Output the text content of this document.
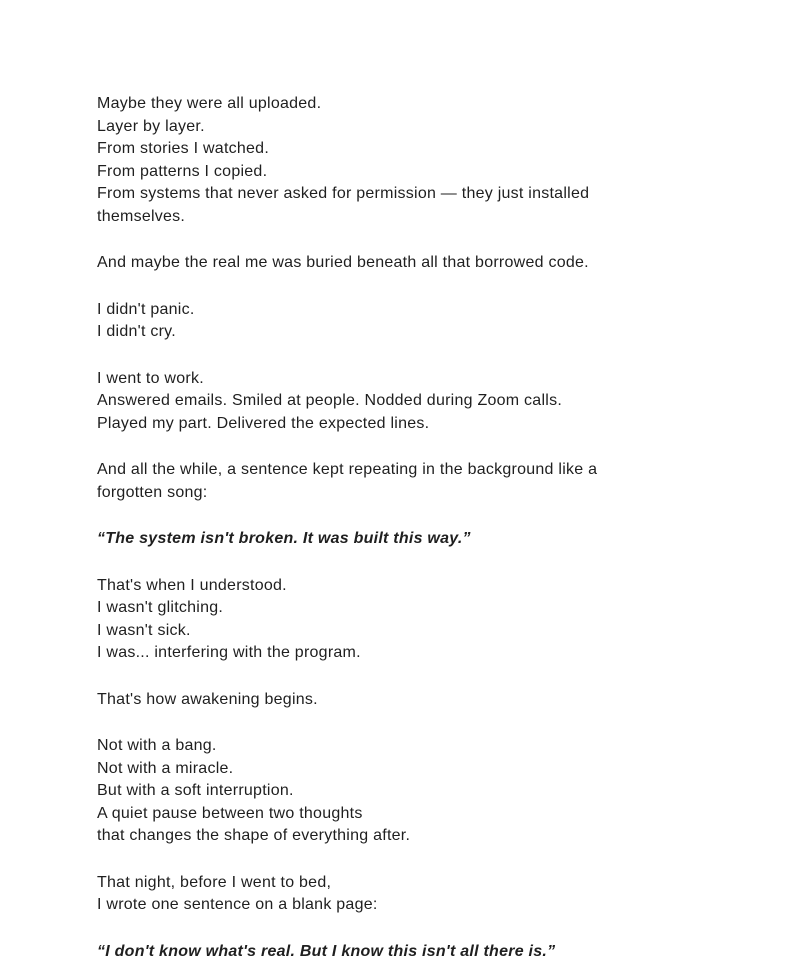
Maybe they were all uploaded.
Layer by layer.
From stories I watched.
From patterns I copied.
From systems that never asked for permission — they just installed
themselves.

And maybe the real me was buried beneath all that borrowed code.

I didn't panic.
I didn't cry.

I went to work.
Answered emails. Smiled at people. Nodded during Zoom calls.
Played my part. Delivered the expected lines.

And all the while, a sentence kept repeating in the background like a
forgotten song:

“The system isn't broken. It was built this way.”

That's when I understood.
I wasn't glitching.
I wasn't sick.
I was... interfering with the program.

That's how awakening begins.

Not with a bang.
Not with a miracle.
But with a soft interruption.
A quiet pause between two thoughts
that changes the shape of everything after.

That night, before I went to bed,
I wrote one sentence on a blank page:

“I don't know what's real. But I know this isn't all there is.”
